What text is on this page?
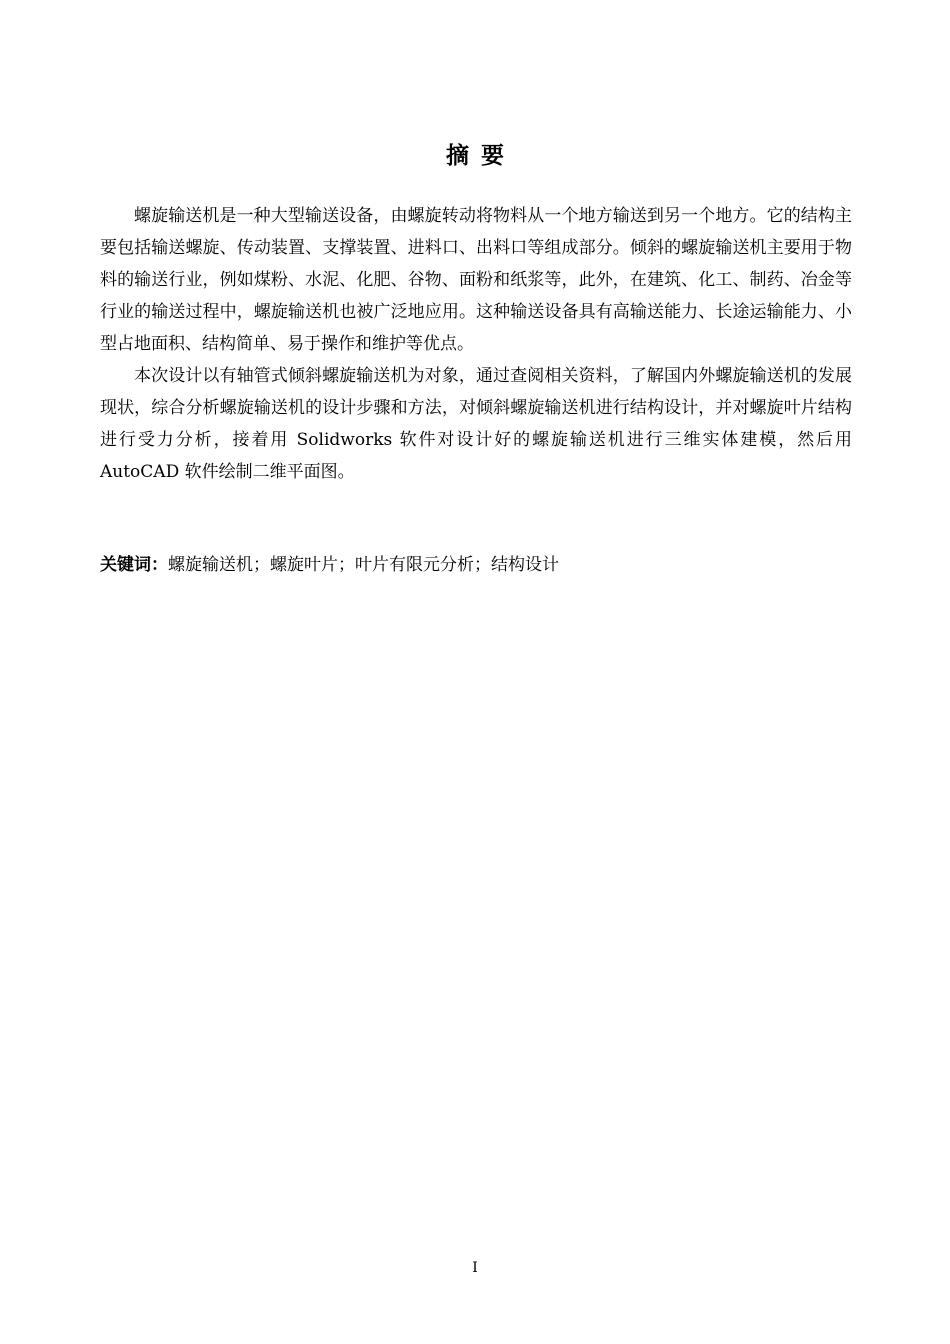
摘要

螺旋输送机是一种大型输送设备，由螺旋转动将物料从一个地方输送到另一个地方。它的结构主要包括输送螺旋、传动装置、支撑装置、进料口、出料口等组成部分。倾斜的螺旋输送机主要用于物料的输送行业，例如煤粉、水泥、化肥、谷物、面粉和纸浆等，此外，在建筑、化工、制药、冶金等行业的输送过程中，螺旋输送机也被广泛地应用。这种输送设备具有高输送能力、长途运输能力、小型占地面积、结构简单、易于操作和维护等优点。

本次设计以有轴管式倾斜螺旋输送机为对象，通过查阅相关资料，了解国内外螺旋输送机的发展现状，综合分析螺旋输送机的设计步骤和方法，对倾斜螺旋输送机进行结构设计，并对螺旋叶片结构进行受力分析，接着用 Solidworks 软件对设计好的螺旋输送机进行三维实体建模，然后用 AutoCAD 软件绘制二维平面图。

关键词：螺旋输送机；螺旋叶片；叶片有限元分析；结构设计
I
